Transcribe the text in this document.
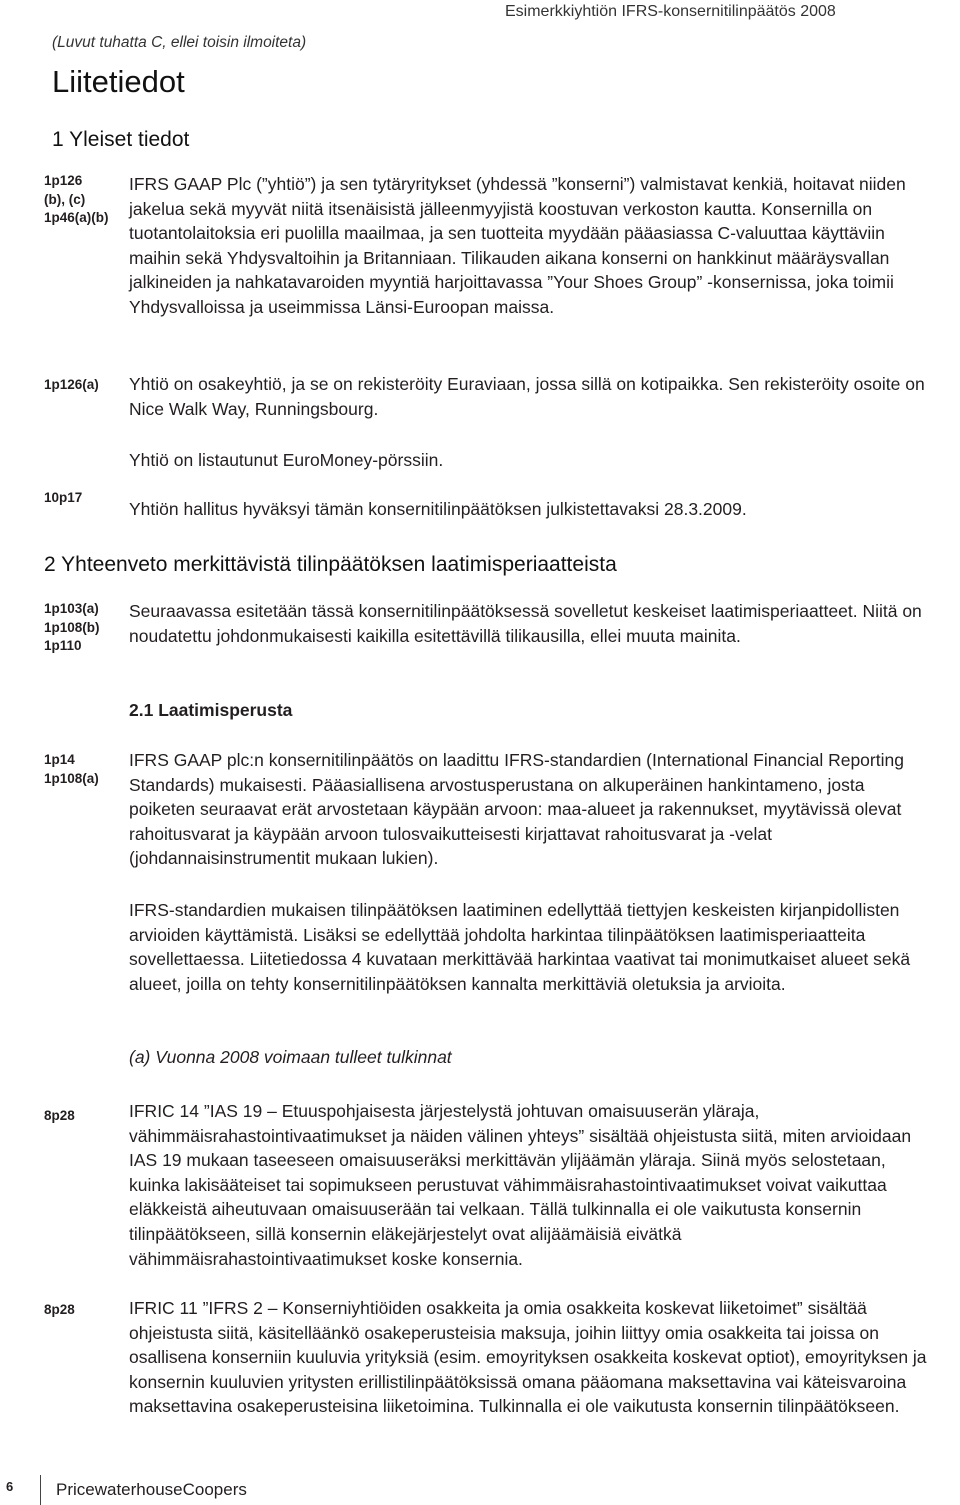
Esimerkkiyhtiön IFRS-konsernitilinpäätös 2008
(Luvut tuhatta C, ellei toisin ilmoiteta)
Liitetiedot
1 Yleiset tiedot
1p126
(b), (c)
1p46(a)(b)
IFRS GAAP Plc (”yhtiö”) ja sen tytäryritykset (yhdessä ”konserni”) valmistavat kenkiä, hoitavat niiden jakelua sekä myyvät niitä itsenäisistä jälleenmyyjistä koostuvan verkoston kautta. Konsernilla on tuotantolaitoksia eri puolilla maailmaa, ja sen tuotteita myydään pääasiassa C-valuuttaa käyttäviin maihin sekä Yhdysvaltoihin ja Britanniaan. Tilikauden aikana konserni on hankkinut määräysvallan jalkineiden ja nahkatavaroiden myyntiä harjoittavassa ”Your Shoes Group” -konsernissa, joka toimii Yhdysvalloissa ja useimmissa Länsi-Euroopan maissa.
1p126(a)	Yhtiö on osakeyhtiö, ja se on rekisteröity Euraviaan, jossa sillä on kotipaikka. Sen rekisteröity osoite on Nice Walk Way, Runningsbourg.
Yhtiö on listautunut EuroMoney-pörssiin.
10p17
Yhtiön hallitus hyväksyi tämän konsernitilinpäätöksen julkistettavaksi 28.3.2009.
2 Yhteenveto merkittävistä tilinpäätöksen laatimisperiaatteista
1p103(a)
1p108(b)
1p110
Seuraavassa esitetään tässä konsernitilinpäätöksessä sovelletut keskeiset laatimisperiaatteet. Niitä on noudatettu johdonmukaisesti kaikilla esitettävillä tilikausilla, ellei muuta mainita.
2.1 Laatimisperusta
1p14
1p108(a)
IFRS GAAP plc:n konsernitilinpäätös on laadittu IFRS-standardien (International Financial Reporting Standards) mukaisesti. Pääasiallisena arvostusperustana on alkuperäinen hankintameno, josta poiketen seuraavat erät arvostetaan käypään arvoon: maa-alueet ja rakennukset, myytävissä olevat rahoitusvarat ja käypään arvoon tulosvaikutteisesti kirjattavat rahoitusvarat ja -velat (johdannaisinstrumentit mukaan lukien).
IFRS-standardien mukaisen tilinpäätöksen laatiminen edellyttää tiettyjen keskeisten kirjanpidollisten arvioiden käyttämistä. Lisäksi se edellyttää johdolta harkintaa tilinpäätöksen laatimisperiaatteita sovellettaessa. Liitetiedossa 4 kuvataan merkittävää harkintaa vaativat tai monimutkaiset alueet sekä alueet, joilla on tehty konsernitilinpäätöksen kannalta merkittäviä oletuksia ja arvioita.
(a) Vuonna 2008 voimaan tulleet tulkinnat
8p28	IFRIC 14 ”IAS 19 – Etuuspohjaisesta järjestelystä johtuvan omaisuuserän yläraja, vähimmäisrahastointivaatimukset ja näiden välinen yhteys” sisältää ohjeistusta siitä, miten arvioidaan IAS 19 mukaan taseeseen omaisuuseräksi merkittävän ylijäämän yläraja. Siinä myös selostetaan, kuinka lakisääteiset tai sopimukseen perustuvat vähimmäisrahastointivaatimukset voivat vaikuttaa eläkkeistä aiheutuvaan omaisuuserään tai velkaan. Tällä tulkinnalla ei ole vaikutusta konsernin tilinpäätökseen, sillä konsernin eläkejärjestelyt ovat alijäämäisiä eivätkä vähimmäisrahastointivaatimukset koske konsernia.
8p28	IFRIC 11 ”IFRS 2 – Konserniyhtiöiden osakkeita ja omia osakkeita koskevat liiketoimet” sisältää ohjeistusta siitä, käsitelläänkö osakeperusteisia maksuja, joihin liittyy omia osakkeita tai joissa on osallisena konserniin kuuluvia yrityksiä (esim. emoyrityksen osakkeita koskevat optiot), emoyrityksen ja konsernin kuuluvien yritysten erillistilinpäätöksissä omana pääomana maksettavina vai käteisvaroina maksettavina osakeperusteisina liiketoimina. Tulkinnalla ei ole vaikutusta konsernin tilinpäätökseen.
6	PricewaterhouseCoopers
